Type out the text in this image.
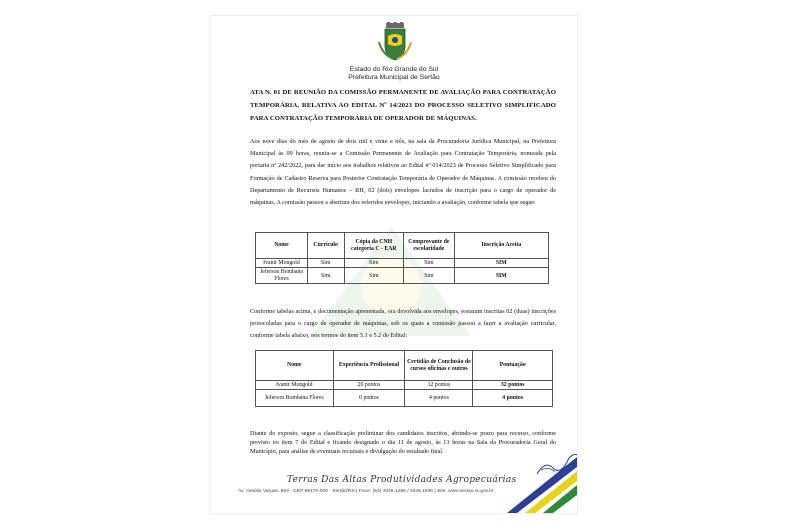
Estado do Rio Grande do Sul
Prefeitura Municipal de Sertão
ATA N. 01 DE REUNIÃO DA COMISSÃO PERMANENTE DE AVALIAÇÃO PARA CONTRATAÇÃO TEMPORÁRIA, RELATIVA AO EDITAL Nº 14/2023 DO PROCESSO SELETIVO SIMPLIFICADO PARA CONTRATAÇÃO TEMPORÁRIA DE OPERADOR DE MÁQUINAS.
Aos nove dias do mês de agosto de dois mil e vinte e três, na sala da Procuradoria Jurídica Municipal, na Prefeitura Municipal às 09 horas, reuniu-se a Comissão Permanente de Avaliação para Contratação Temporária, nomeada pela portaria nº 242/2022, para dar início aos trabalhos relativos ao Edital nº 014/2023 de Processo Seletivo Simplificado para Formação de Cadastro Reserva para Posterior Contratação Temporária de Operador de Máquinas. A comissão recebeu do Departamento de Recursos Humanos – RH, 02 (dois) envelopes lacrados de inscrição para o cargo de operador de máquinas. A comissão passou a abertura dos referidos envelopes, iniciando a avaliação, conforme tabela que segue:
Nome	Currículo	Cópia da CNH categoria C - EAR	Comprovante de escolaridade	Inscrição Aceita
Ivanir Mongold	Sim	Sim	Sim	SIM
Jeferson Bombana Flores	Sim	Sim	Sim	SIM
Conforme tabelas acima, e documentação apresentada, ora devolvida aos envelopes, restaram inscritas 02 (duas) inscrições protocoladas para o cargo de operador de máquinas, sob os quais a comissão passou a fazer a avaliação curricular, conforme tabela abaixo, nos termos do item 5.1 e 5.2 do Edital:
Nome	Experiência Profissional	Certidão de Conclusão de cursos oficinas e outros	Pontuação
Ivanir Mongold	20 pontos	12 pontos	32 pontos
Jeferson Bombana Flores	0 pontos	4 pontos	4 pontos
Diante do exposto, segue a classificação preliminar dos candidatos inscritos, abrindo-se prazo para recurso, conforme previsto no item 7 do Edital e ficando designado o dia 11 de agosto, às 13 horas na Sala da Procuradoria Geral do Município, para análise de eventuais recursais e divulgação do resultado final.
Terras Das Altas Produtividades Agropecuárias
Av. Getúlio Vargas, 563 - CEP 99170-000 - Sertão/RS | Fone: (54) 3345.1295 / 3345.1836 | Site: www.sertao.rs.gov.br
